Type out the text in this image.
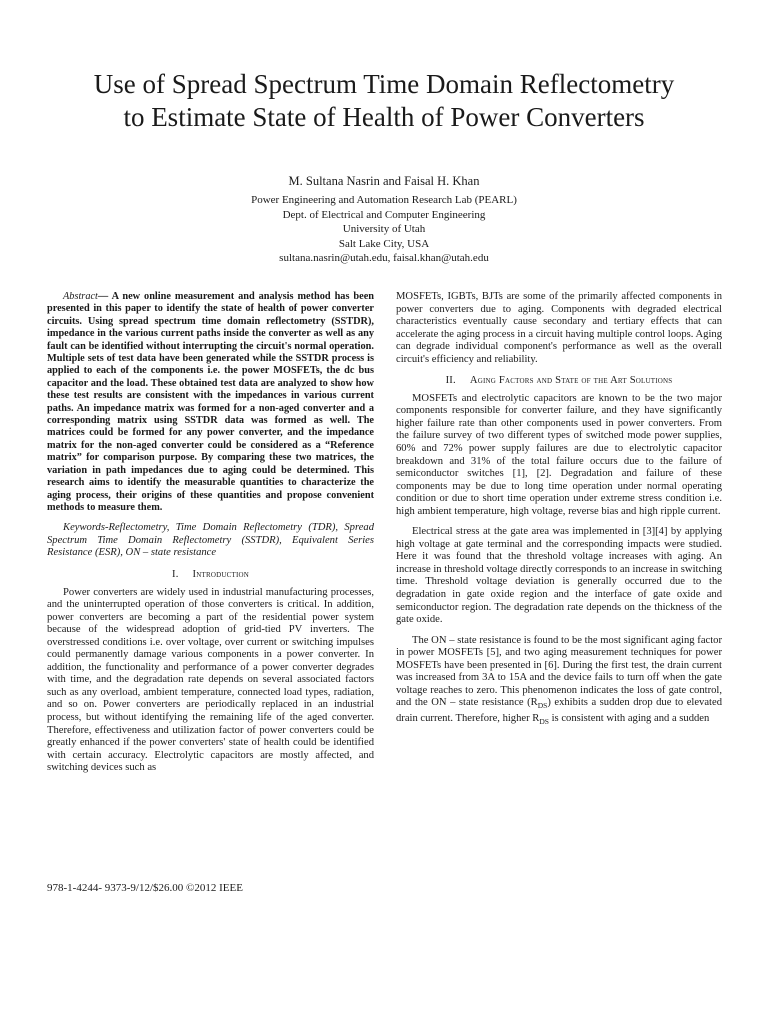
Use of Spread Spectrum Time Domain Reflectometry
to Estimate State of Health of Power Converters
M. Sultana Nasrin and Faisal H. Khan
Power Engineering and Automation Research Lab (PEARL)
Dept. of Electrical and Computer Engineering
University of Utah
Salt Lake City, USA
sultana.nasrin@utah.edu, faisal.khan@utah.edu

Abstract— A new online measurement and analysis method has been presented in this paper to identify the state of health of power converter circuits. Using spread spectrum time domain reflectometry (SSTDR), impedance in the various current paths inside the converter as well as any fault can be identified without interrupting the circuit's normal operation. Multiple sets of test data have been generated while the SSTDR process is applied to each of the components i.e. the power MOSFETs, the dc bus capacitor and the load. These obtained test data are analyzed to show how these test results are consistent with the impedances in various current paths. An impedance matrix was formed for a non-aged converter and a corresponding matrix using SSTDR data was formed as well. The matrices could be formed for any power converter, and the impedance matrix for the non-aged converter could be considered as a “Reference matrix” for comparison purpose. By comparing these two matrices, the variation in path impedances due to aging could be determined. This research aims to identify the measurable quantities to characterize the aging process, their origins of these quantities and propose convenient methods to measure them.

Keywords-Reflectometry, Time Domain Reflectometry (TDR), Spread Spectrum Time Domain Reflectometry (SSTDR), Equivalent Series Resistance (ESR), ON – state resistance

I. Introduction

Power converters are widely used in industrial manufacturing processes, and the uninterrupted operation of those converters is critical. In addition, power converters are becoming a part of the residential power system because of the widespread adoption of grid-tied PV inverters. The overstressed conditions i.e. over voltage, over current or switching impulses could permanently damage various components in a power converter. In addition, the functionality and performance of a power converter degrades with time, and the degradation rate depends on several associated factors such as any overload, ambient temperature, connected load types, radiation, and so on. Power converters are periodically replaced in an industrial process, but without identifying the remaining life of the aged converter. Therefore, effectiveness and utilization factor of power converters could be greatly enhanced if the power converters' state of health could be identified with certain accuracy. Electrolytic capacitors are mostly affected, and switching devices such as

MOSFETs, IGBTs, BJTs are some of the primarily affected components in power converters due to aging. Components with degraded electrical characteristics eventually cause secondary and tertiary effects that can accelerate the aging process in a circuit having multiple control loops. Aging can degrade individual component's performance as well as the overall circuit's efficiency and reliability.

II. Aging Factors and State of the Art Solutions

MOSFETs and electrolytic capacitors are known to be the two major components responsible for converter failure, and they have significantly higher failure rate than other components used in power converters. From the failure survey of two different types of switched mode power supplies, 60% and 72% power supply failures are due to electrolytic capacitor breakdown and 31% of the total failure occurs due to the failure of semiconductor switches [1], [2]. Degradation and failure of these components may be due to long time operation under normal operating condition or due to short time operation under extreme stress condition i.e. high ambient temperature, high voltage, reverse bias and high ripple current.

Electrical stress at the gate area was implemented in [3][4] by applying high voltage at gate terminal and the corresponding impacts were studied. Here it was found that the threshold voltage increases with aging. An increase in threshold voltage directly corresponds to an increase in switching time. Threshold voltage deviation is generally occurred due to the degradation in gate oxide region and the interface of gate oxide and semiconductor region. The degradation rate depends on the thickness of the gate oxide.

The ON – state resistance is found to be the most significant aging factor in power MOSFETs [5], and two aging measurement techniques for power MOSFETs have been presented in [6]. During the first test, the drain current was increased from 3A to 15A and the device fails to turn off when the gate voltage reaches to zero. This phenomenon indicates the loss of gate control, and the ON – state resistance $(R_{DS})$ exhibits a sudden drop due to elevated drain current. Therefore, higher $R_{DS}$ is consistent with aging and a sudden

978-1-4244- 9373-9/12/$26.00 ©2012 IEEE
